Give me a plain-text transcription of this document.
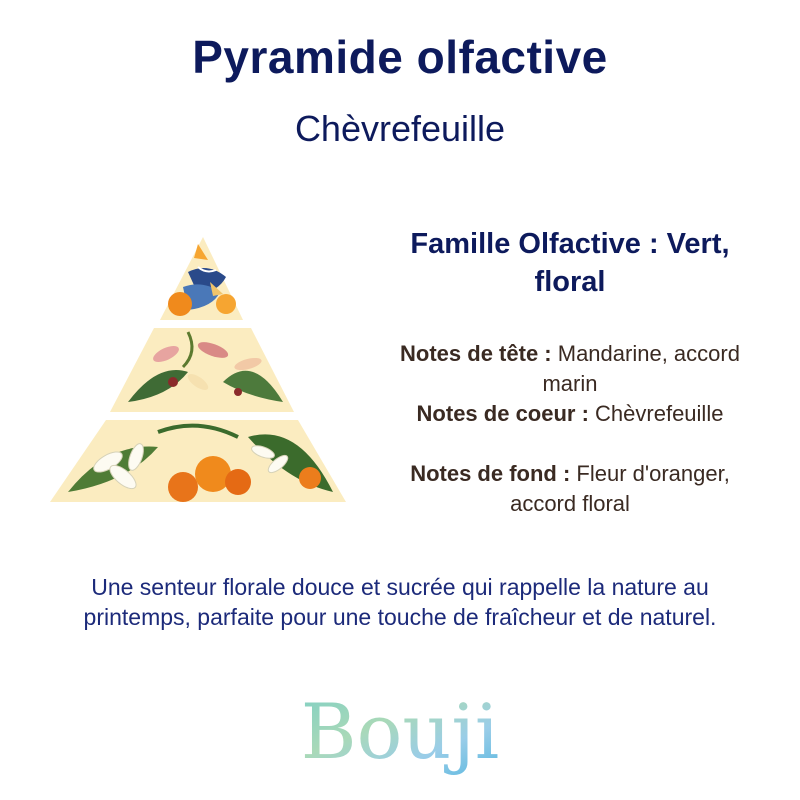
Pyramide olfactive
Chèvrefeuille
Famille Olfactive : Vert,
floral
Notes de tête : Mandarine, accord
marin
Notes de coeur : Chèvrefeuille
Notes de fond : Fleur d'oranger,
accord floral
Une senteur florale douce et sucrée qui rappelle la nature au
printemps, parfaite pour une touche de fraîcheur et de naturel.
Bouji
